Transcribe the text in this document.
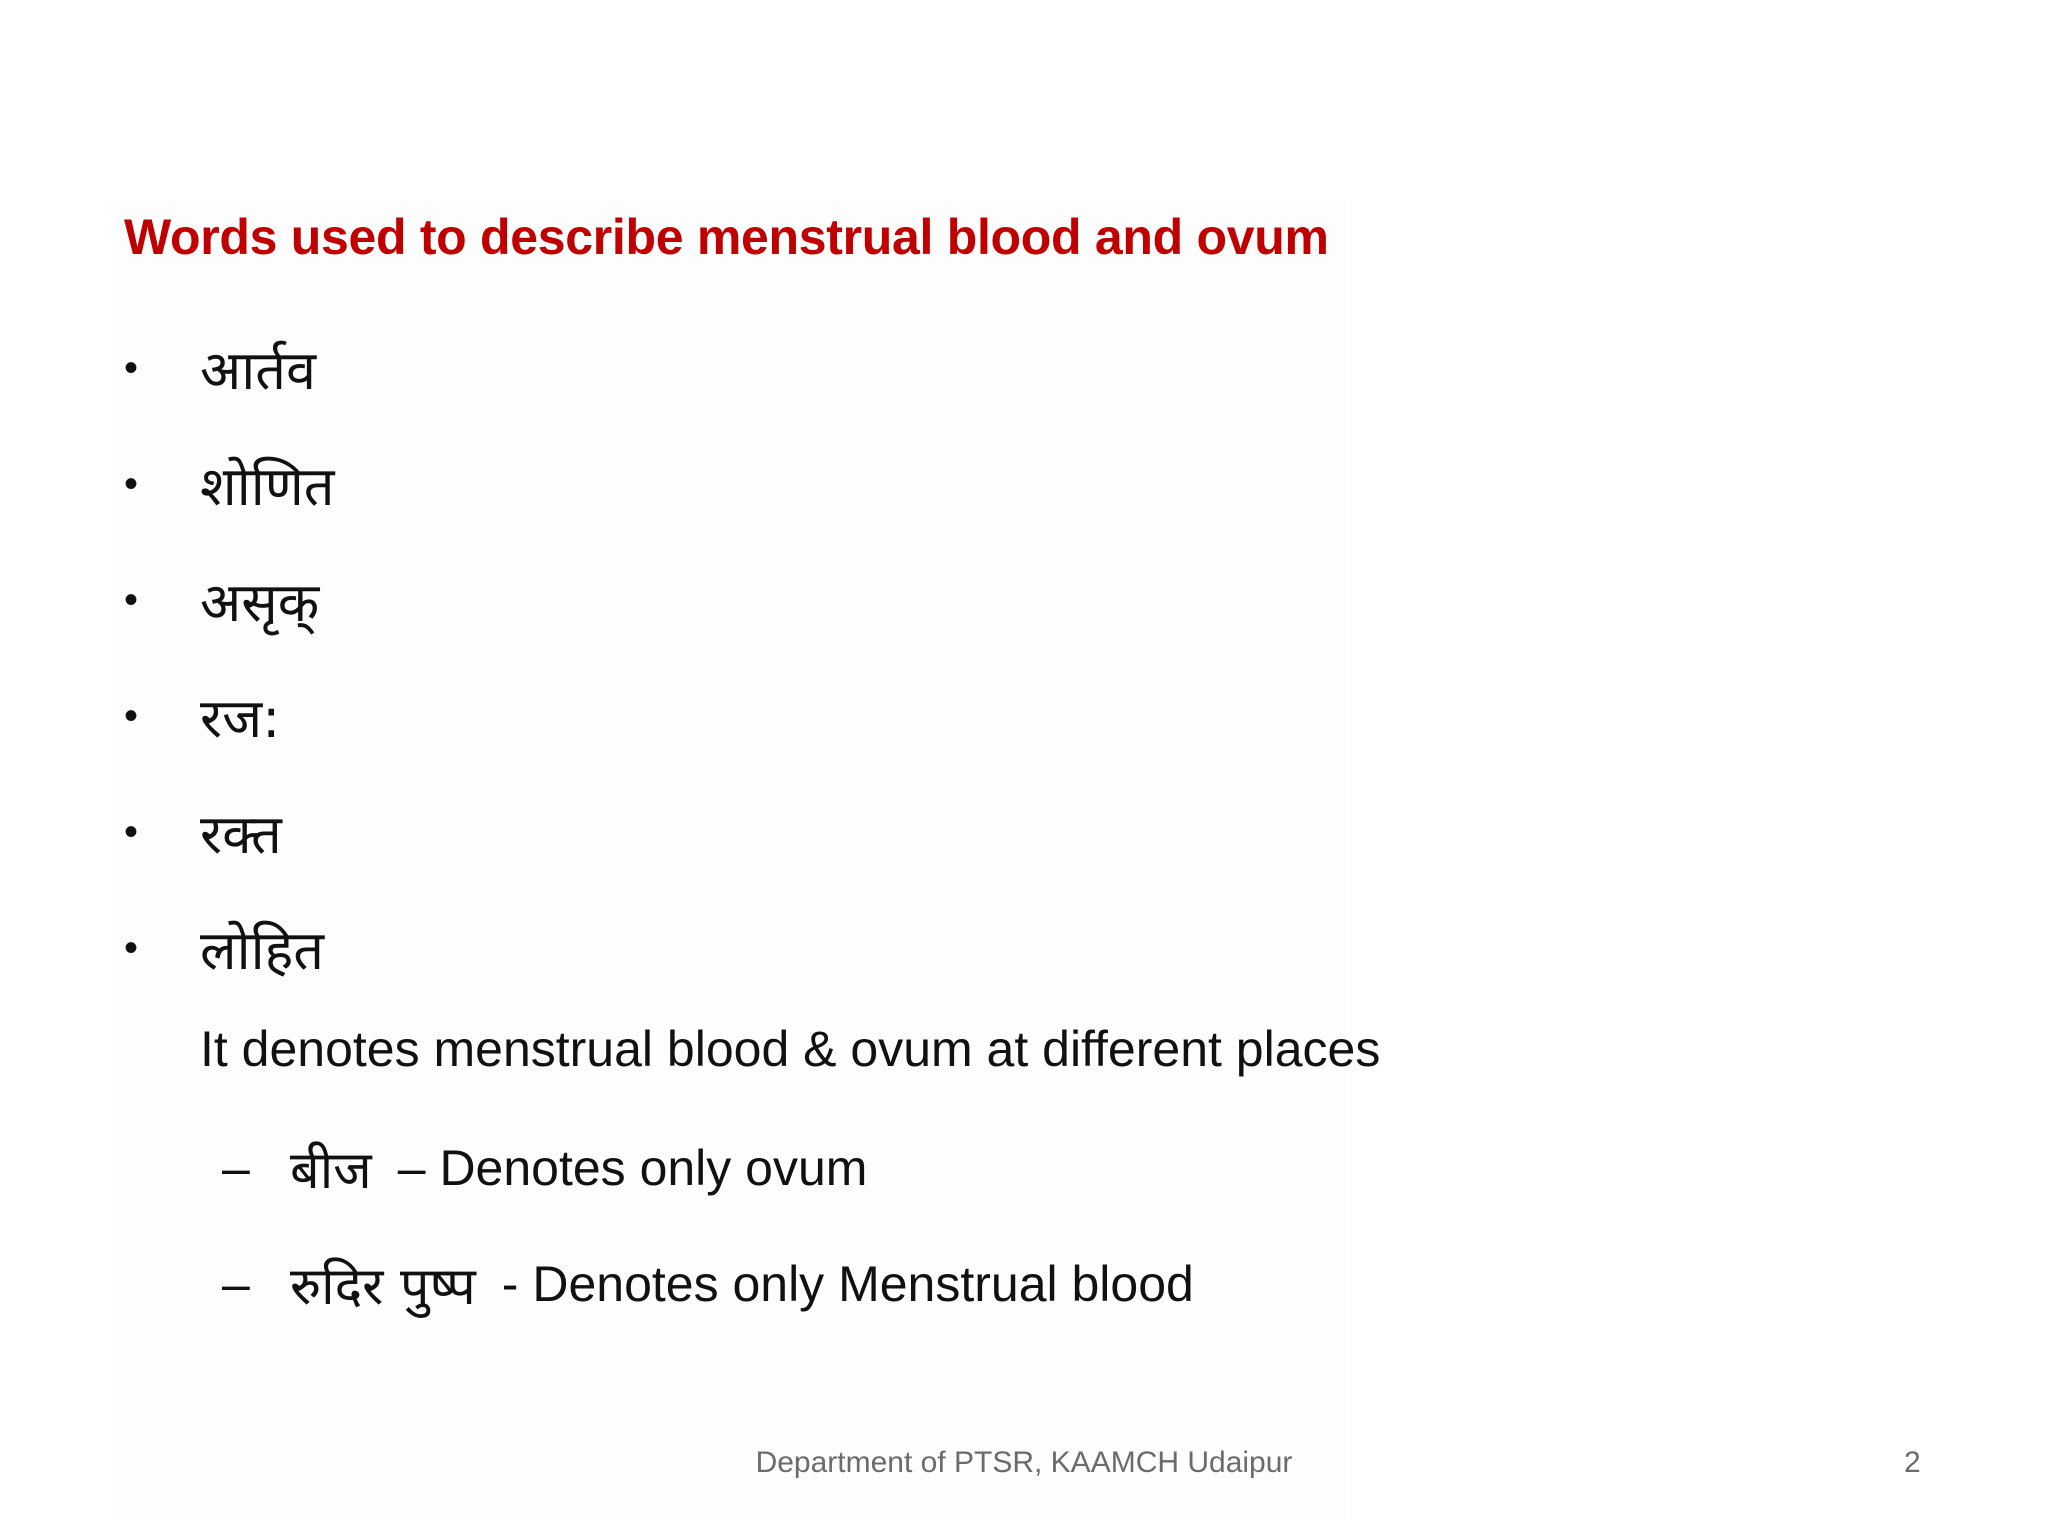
Words used to describe menstrual blood and ovum
•	आर्तव
•	शोणित
•	असृक्
•	रज:
•	रक्त
•	लोहित
It denotes menstrual blood & ovum at different places
– बीज – Denotes only ovum
– रुदिर पुष्प - Denotes only Menstrual blood
Department of PTSR, KAAMCH Udaipur	2
